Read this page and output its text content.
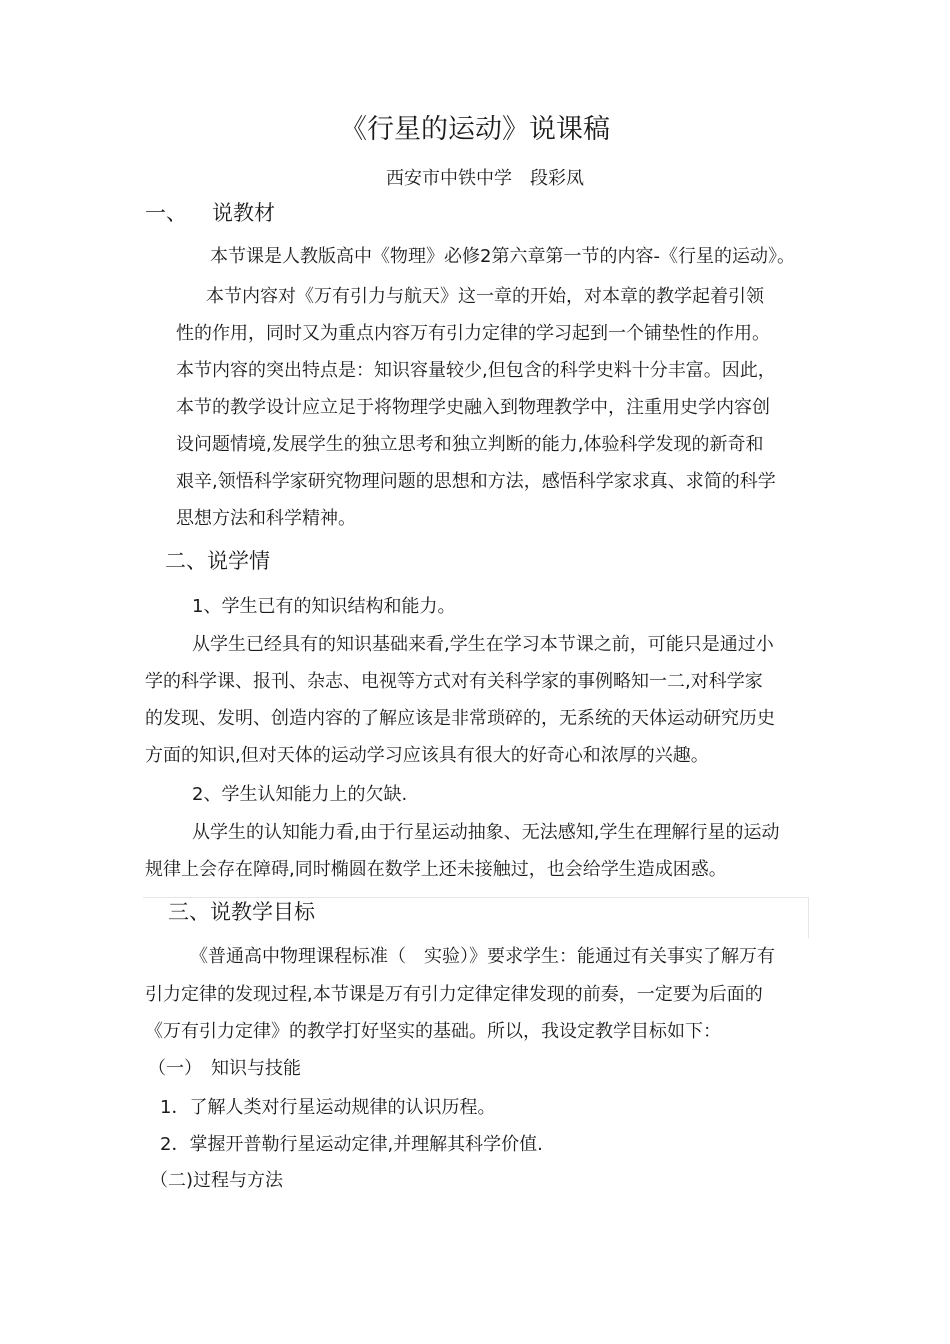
《行星的运动》说课稿
西安市中铁中学　段彩凤
一、 说教材
本节课是人教版高中《物理》必修2第六章第一节的内容-《行星的运动》。
本节内容对《万有引力与航天》这一章的开始，对本章的教学起着引领
性的作用，同时又为重点内容万有引力定律的学习起到一个铺垫性的作用。
本节内容的突出特点是：知识容量较少,但包含的科学史料十分丰富。因此，
本节的教学设计应立足于将物理学史融入到物理教学中，注重用史学内容创
设问题情境,发展学生的独立思考和独立判断的能力,体验科学发现的新奇和
艰辛,领悟科学家研究物理问题的思想和方法，感悟科学家求真、求简的科学
思想方法和科学精神。
二、说学情
1、学生已有的知识结构和能力。
从学生已经具有的知识基础来看,学生在学习本节课之前，可能只是通过小
学的科学课、报刊、杂志、电视等方式对有关科学家的事例略知一二,对科学家
的发现、发明、创造内容的了解应该是非常琐碎的，无系统的天体运动研究历史
方面的知识,但对天体的运动学习应该具有很大的好奇心和浓厚的兴趣。
2、学生认知能力上的欠缺.
从学生的认知能力看,由于行星运动抽象、无法感知,学生在理解行星的运动
规律上会存在障碍,同时椭圆在数学上还未接触过，也会给学生造成困惑。
三、说教学目标
《普通高中物理课程标准（　实验）》要求学生：能通过有关事实了解万有
引力定律的发现过程,本节课是万有引力定律定律发现的前奏，一定要为后面的
《万有引力定律》的教学打好坚实的基础。所以，我设定教学目标如下：
（一）　知识与技能
1．了解人类对行星运动规律的认识历程。
2．掌握开普勒行星运动定律,并理解其科学价值.
（二)过程与方法
